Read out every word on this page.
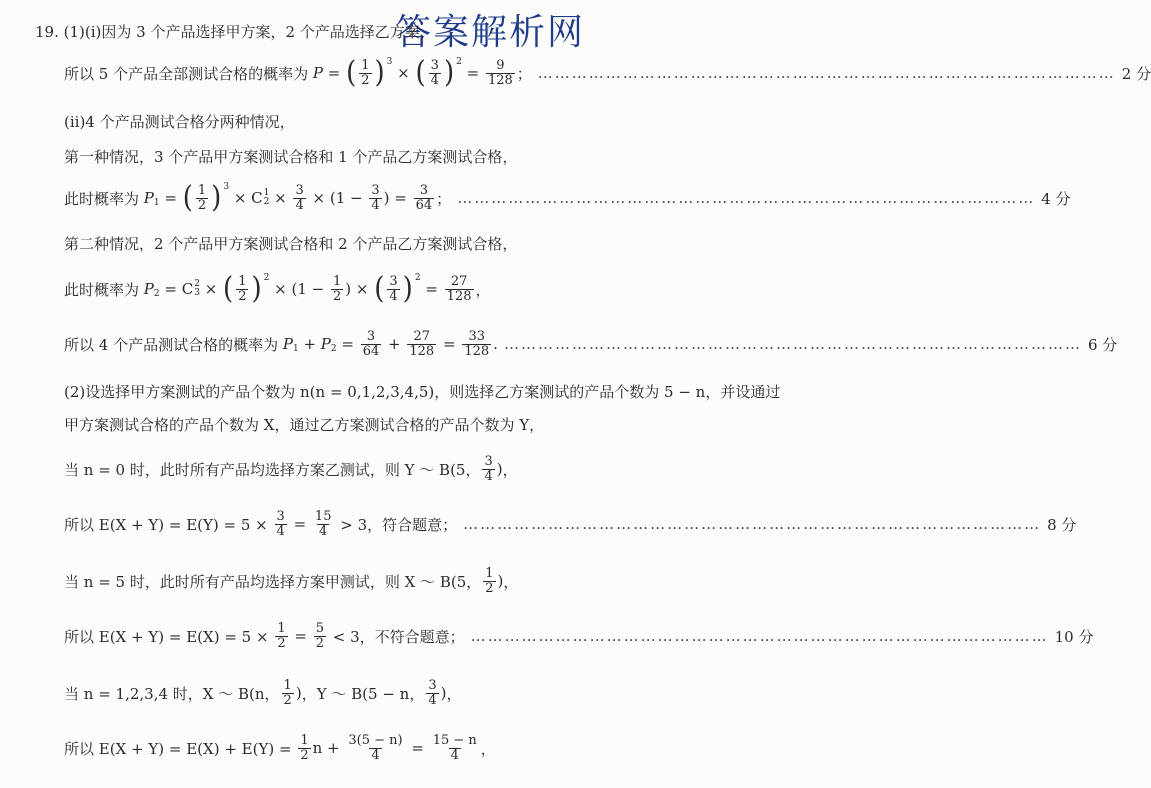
答案解析网
19. (1)(ⅰ)因为 3 个产品选择甲方案，2 个产品选择乙方案，
所以 5 个产品全部测试合格的概率为 P = ( $\frac{1}{2}$ ) 3
× ( $\frac{3}{4}$ ) 2
= $\frac{9}{128}$ ； ………………………………………………………………………………………… 2 分
(ⅱ)4 个产品测试合格分两种情况，
第一种情况，3 个产品甲方案测试合格和 1 个产品乙方案测试合格，
此时概率为 P 1 = ( $\frac{1}{2}$ ) 3
× C 1
$2 \times \frac{3}{4} \times (1 - \frac{3}{4}$ ) = $\frac{3}{64}$ ； ………………………………………………………………………………………… 4 分
第二种情况，2 个产品甲方案测试合格和 2 个产品乙方案测试合格，
此时概率为 P 2 = C 2
3 × ( $\frac{1}{2}$ ) 2
× ($1 - \frac{1}{2}$ ) × ( $\frac{3}{4}$ ) 2
= $\frac{27}{128}$ ，
所以 4 个产品测试合格的概率为 P 1 + P $2 = \frac{3}{64} + \frac{27}{128} = \frac{33}{128}$ . ………………………………………………………………………………………… 6 分
(2)设选择甲方案测试的产品个数为 n(n = 0,1,2,3,4,5)，则选择乙方案测试的产品个数为 5 − n，并设通过
甲方案测试合格的产品个数为 X，通过乙方案测试合格的产品个数为 Y，
当 n = 0 时，此时所有产品均选择方案乙测试，则 Y ～ B (5， $\frac{3}{4}$ ) ，
所以 $E(X + Y) = E(Y) = 5 \times \frac{3}{4} = \frac{15}{4} > 3$，符合题意； ………………………………………………………………………………………… 8 分
当 n = 5 时，此时所有产品均选择方案甲测试，则 X ～ B (5， $\frac{1}{2}$ ) ，
所以 $E(X + Y) = E(X) = 5 \times \frac{1}{2} = \frac{5}{2} < 3$，不符合题意； ………………………………………………………………………………………… 10 分
当 n = 1,2,3,4 时，X ～ B (n， $\frac{1}{2}$ ) ，Y ～ B (5 − n， $\frac{3}{4}$ ) ，
所以 $E(X + Y) = E(X) + E(Y) = \frac{1}{2}$ $n + \frac{3(5 - n)}{4} = \frac{15 - n}{4}$ ，
